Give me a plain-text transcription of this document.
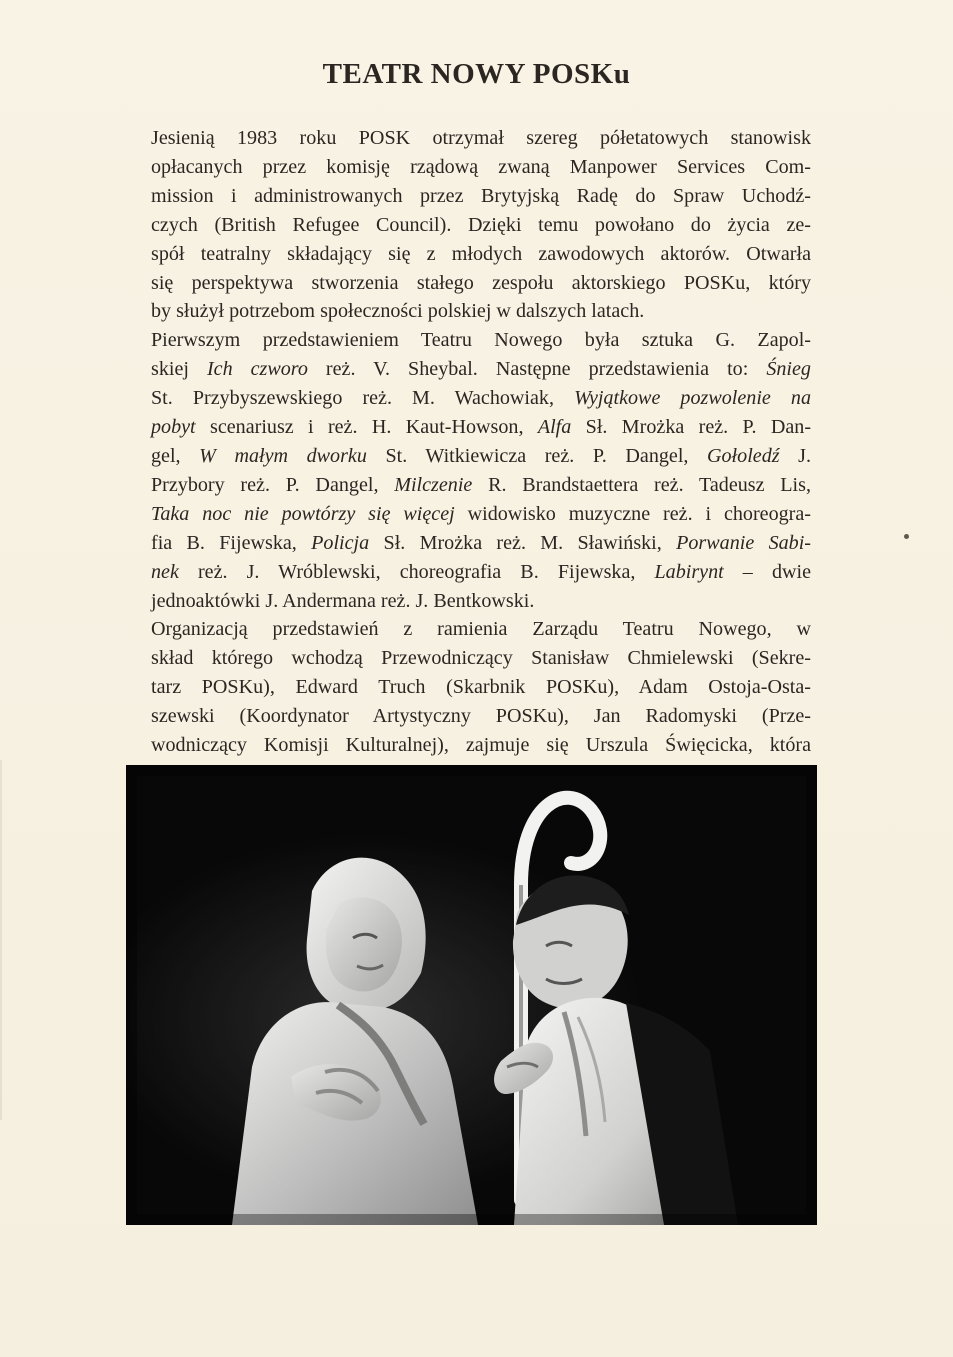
TEATR NOWY POSKu

Jesienią 1983 roku POSK otrzymał szereg półetatowych stanowisk
opłacanych przez komisję rządową zwaną Manpower Services Com-
mission i administrowanych przez Brytyjską Radę do Spraw Uchodź-
czych (British Refugee Council). Dzięki temu powołano do życia ze-
spół teatralny składający się z młodych zawodowych aktorów. Otwarła
się perspektywa stworzenia stałego zespołu aktorskiego POSKu, który
by służył potrzebom społeczności polskiej w dalszych latach.

Pierwszym przedstawieniem Teatru Nowego była sztuka G. Zapol-
skiej Ich czworo reż. V. Sheybal. Następne przedstawienia to: Śnieg
St. Przybyszewskiego reż. M. Wachowiak, Wyjątkowe pozwolenie na
pobyt scenariusz i reż. H. Kaut-Howson, Alfa Sł. Mrożka reż. P. Dan-
gel, W małym dworku St. Witkiewicza reż. P. Dangel, Gołoledź J.
Przybory reż. P. Dangel, Milczenie R. Brandstaettera reż. Tadeusz Lis,
Taka noc nie powtórzy się więcej widowisko muzyczne reż. i choreogra-
fia B. Fijewska, Policja Sł. Mrożka reż. M. Sławiński, Porwanie Sabi-
nek reż. J. Wróblewski, choreografia B. Fijewska, Labirynt – dwie
jednoaktówki J. Andermana reż. J. Bentkowski.

Organizacją przedstawień z ramienia Zarządu Teatru Nowego, w
skład którego wchodzą Przewodniczący Stanisław Chmielewski (Sekre-
tarz POSKu), Edward Truch (Skarbnik POSKu), Adam Ostoja-Osta-
szewski (Koordynator Artystyczny POSKu), Jan Radomyski (Prze-
wodniczący Komisji Kulturalnej), zajmuje się Urszula Święcicka, która
